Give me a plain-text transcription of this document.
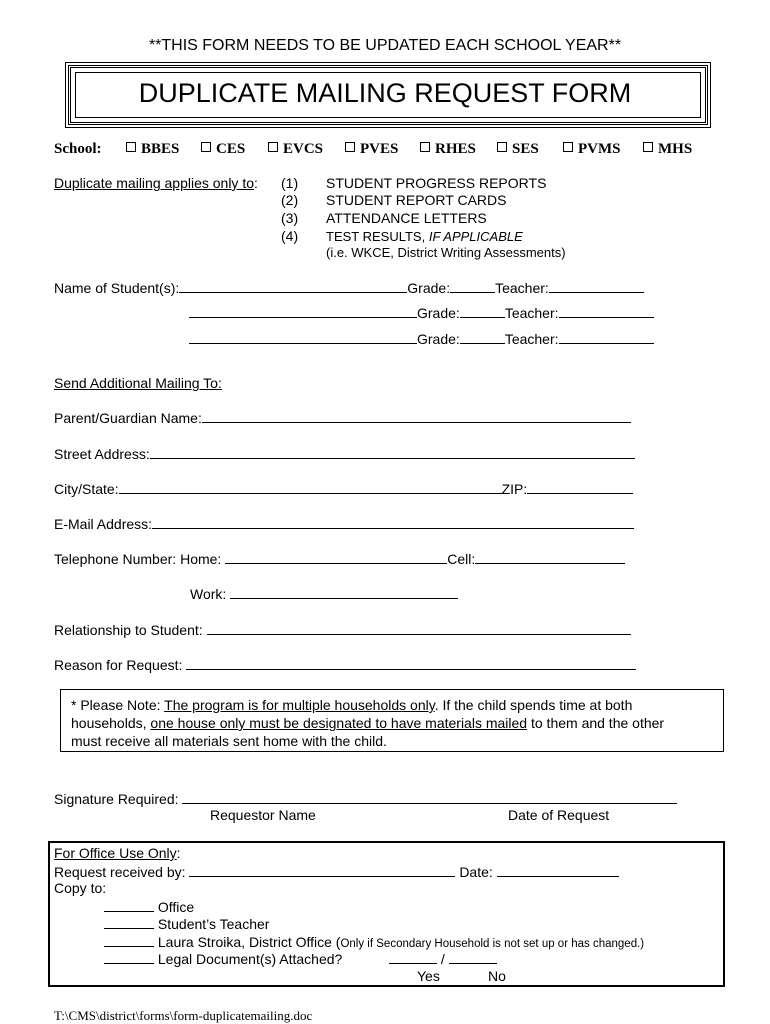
**THIS FORM NEEDS TO BE UPDATED EACH SCHOOL YEAR**
DUPLICATE MAILING REQUEST FORM
School:	BBES	CES	EVCS	PVES	RHES	SES	PVMS	MHS
Duplicate mailing applies only to: (1) STUDENT PROGRESS REPORTS
(2) STUDENT REPORT CARDS
(3) ATTENDANCE LETTERS
(4) TEST RESULTS, IF APPLICABLE
(i.e. WKCE, District Writing Assessments)
Name of Student(s):	Grade:	Teacher:
Grade:	Teacher:
Grade:	Teacher:
Send Additional Mailing To:
Parent/Guardian Name:
Street Address:
City/State:	ZIP:
E-Mail Address:
Telephone Number: Home:	Cell:
Work:
Relationship to Student:
Reason for Request:
* Please Note: The program is for multiple households only. If the child spends time at both
households, one house only must be designated to have materials mailed to them and the other
must receive all materials sent home with the child.
Signature Required:
Requestor Name	Date of Request
For Office Use Only:
Request received by:	Date:
Copy to:
Office
Student’s Teacher
Laura Stroika, District Office (Only if Secondary Household is not set up or has changed.)
Legal Document(s) Attached?	/
Yes	No
T:\CMS\district\forms\form-duplicatemailing.doc
